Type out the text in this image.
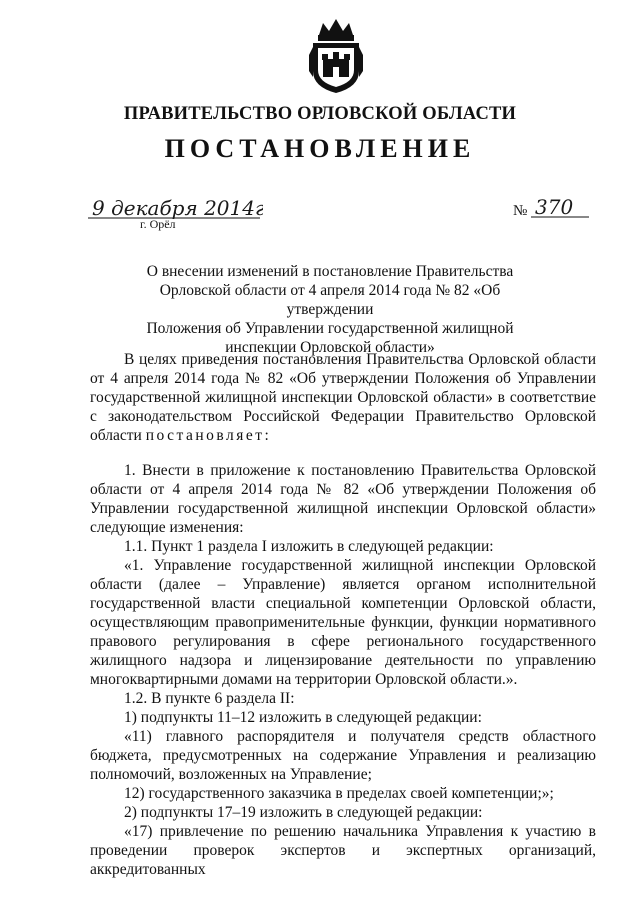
ПРАВИТЕЛЬСТВО ОРЛОВСКОЙ ОБЛАСТИ
ПОСТАНОВЛЕНИЕ
9 декабря 2014г.
г. Орёл
№ 370
О внесении изменений в постановление Правительства
Орловской области от 4 апреля 2014 года № 82 «Об утверждении
Положения об Управлении государственной жилищной
инспекции Орловской области»

В целях приведения постановления Правительства Орловской области от 4 апреля 2014 года № 82 «Об утверждении Положения об Управлении государственной жилищной инспекции Орловской области» в соответствие с законодательством Российской Федерации Правительство Орловской области постановляет:

1. Внести в приложение к постановлению Правительства Орловской области от 4 апреля 2014 года № 82 «Об утверждении Положения об Управлении государственной жилищной инспекции Орловской области» следующие изменения:

1.1. Пункт 1 раздела I изложить в следующей редакции:

«1. Управление государственной жилищной инспекции Орловской области (далее – Управление) является органом исполнительной государственной власти специальной компетенции Орловской области, осуществляющим правоприменительные функции, функции нормативного правового регулирования в сфере регионального государственного жилищного надзора и лицензирование деятельности по управлению многоквартирными домами на территории Орловской области.».

1.2. В пункте 6 раздела II:

1) подпункты 11–12 изложить в следующей редакции:

«11) главного распорядителя и получателя средств областного бюджета, предусмотренных на содержание Управления и реализацию полномочий, возложенных на Управление;

12) государственного заказчика в пределах своей компетенции;»;

2) подпункты 17–19 изложить в следующей редакции:

«17) привлечение по решению начальника Управления к участию в проведении проверок экспертов и экспертных организаций, аккредитованных
